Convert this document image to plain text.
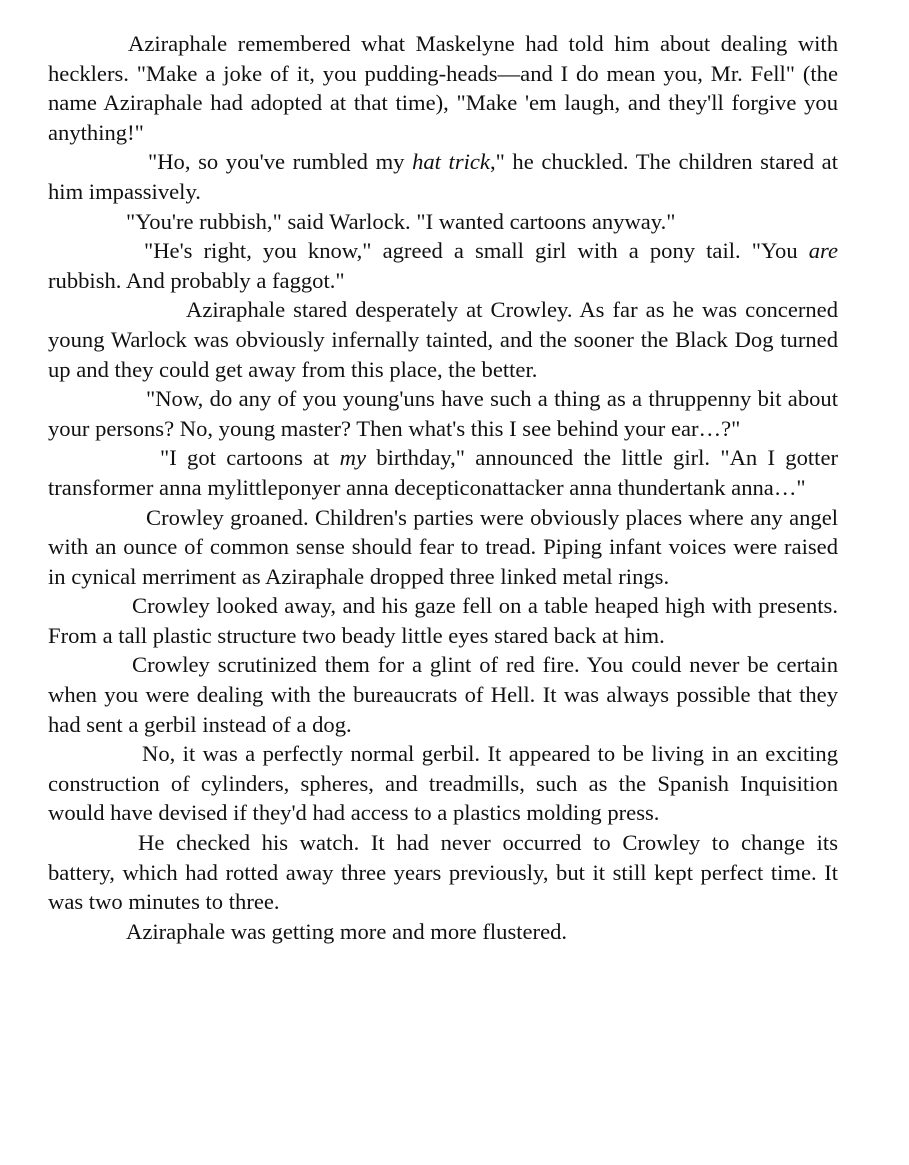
Aziraphale remembered what Maskelyne had told him about dealing with hecklers. "Make a joke of it, you pudding-heads—and I do mean you, Mr. Fell" (the name Aziraphale had adopted at that time), "Make 'em laugh, and they'll forgive you anything!"

"Ho, so you've rumbled my hat trick," he chuckled. The children stared at him impassively.

"You're rubbish," said Warlock. "I wanted cartoons anyway."

"He's right, you know," agreed a small girl with a pony tail. "You are rubbish. And probably a faggot."

Aziraphale stared desperately at Crowley. As far as he was concerned young Warlock was obviously infernally tainted, and the sooner the Black Dog turned up and they could get away from this place, the better.

"Now, do any of you young'uns have such a thing as a thruppenny bit about your persons? No, young master? Then what's this I see behind your ear…?"

"I got cartoons at my birthday," announced the little girl. "An I gotter transformer anna mylittleponyer anna decepticonattacker anna thundertank anna…"

Crowley groaned. Children's parties were obviously places where any angel with an ounce of common sense should fear to tread. Piping infant voices were raised in cynical merriment as Aziraphale dropped three linked metal rings.

Crowley looked away, and his gaze fell on a table heaped high with presents. From a tall plastic structure two beady little eyes stared back at him.

Crowley scrutinized them for a glint of red fire. You could never be certain when you were dealing with the bureaucrats of Hell. It was always possible that they had sent a gerbil instead of a dog.

No, it was a perfectly normal gerbil. It appeared to be living in an exciting construction of cylinders, spheres, and treadmills, such as the Spanish Inquisition would have devised if they'd had access to a plastics molding press.

He checked his watch. It had never occurred to Crowley to change its battery, which had rotted away three years previously, but it still kept perfect time. It was two minutes to three.

Aziraphale was getting more and more flustered.
